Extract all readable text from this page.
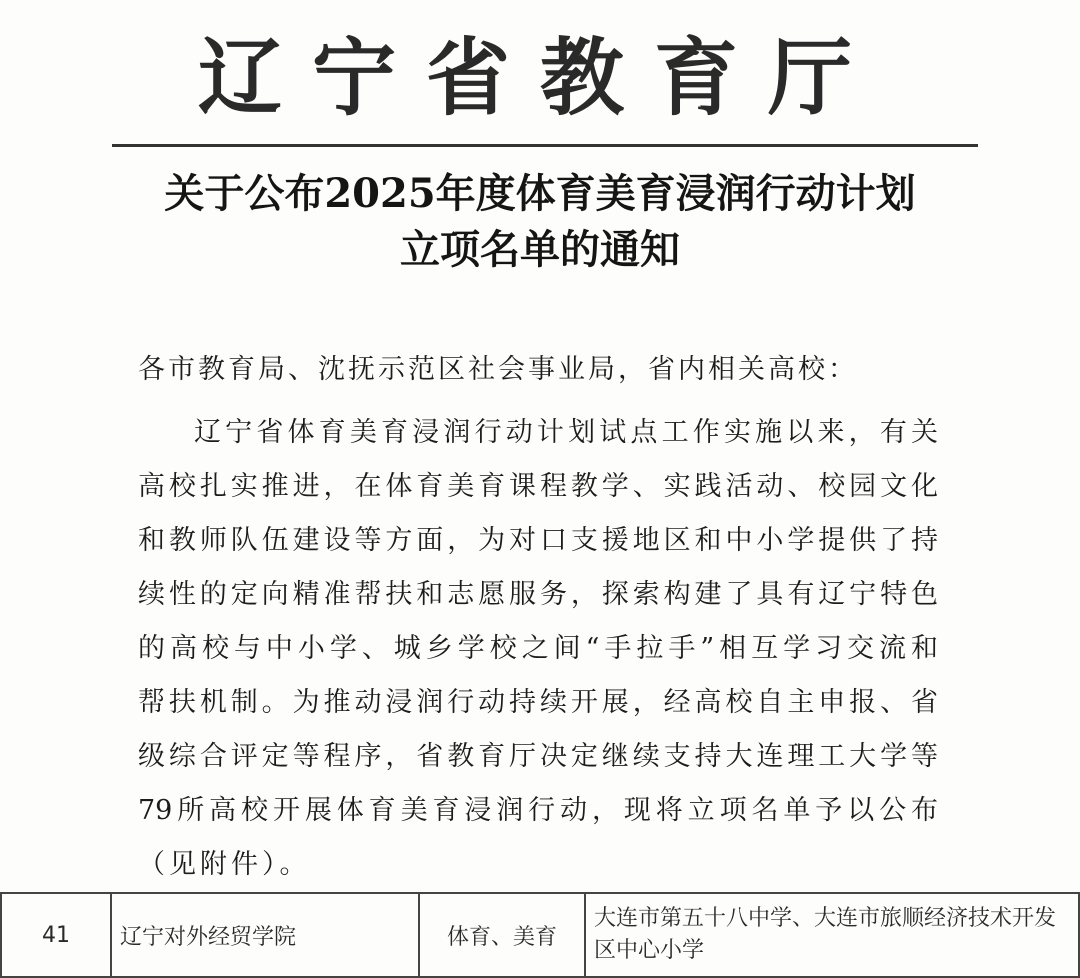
辽宁省教育厅
关于公布2025年度体育美育浸润行动计划
立项名单的通知
各市教育局、沈抚示范区社会事业局，省内相关高校：
辽宁省体育美育浸润行动计划试点工作实施以来，有关
高校扎实推进，在体育美育课程教学、实践活动、校园文化
和教师队伍建设等方面，为对口支援地区和中小学提供了持
续性的定向精准帮扶和志愿服务，探索构建了具有辽宁特色
的高校与中小学、城乡学校之间“手拉手”相互学习交流和
帮扶机制。为推动浸润行动持续开展，经高校自主申报、省
级综合评定等程序，省教育厅决定继续支持大连理工大学等
79所高校开展体育美育浸润行动，现将立项名单予以公布
（见附件）。
41	辽宁对外经贸学院	体育、美育	大连市第五十八中学、大连市旅顺经济技术开发区中心小学
